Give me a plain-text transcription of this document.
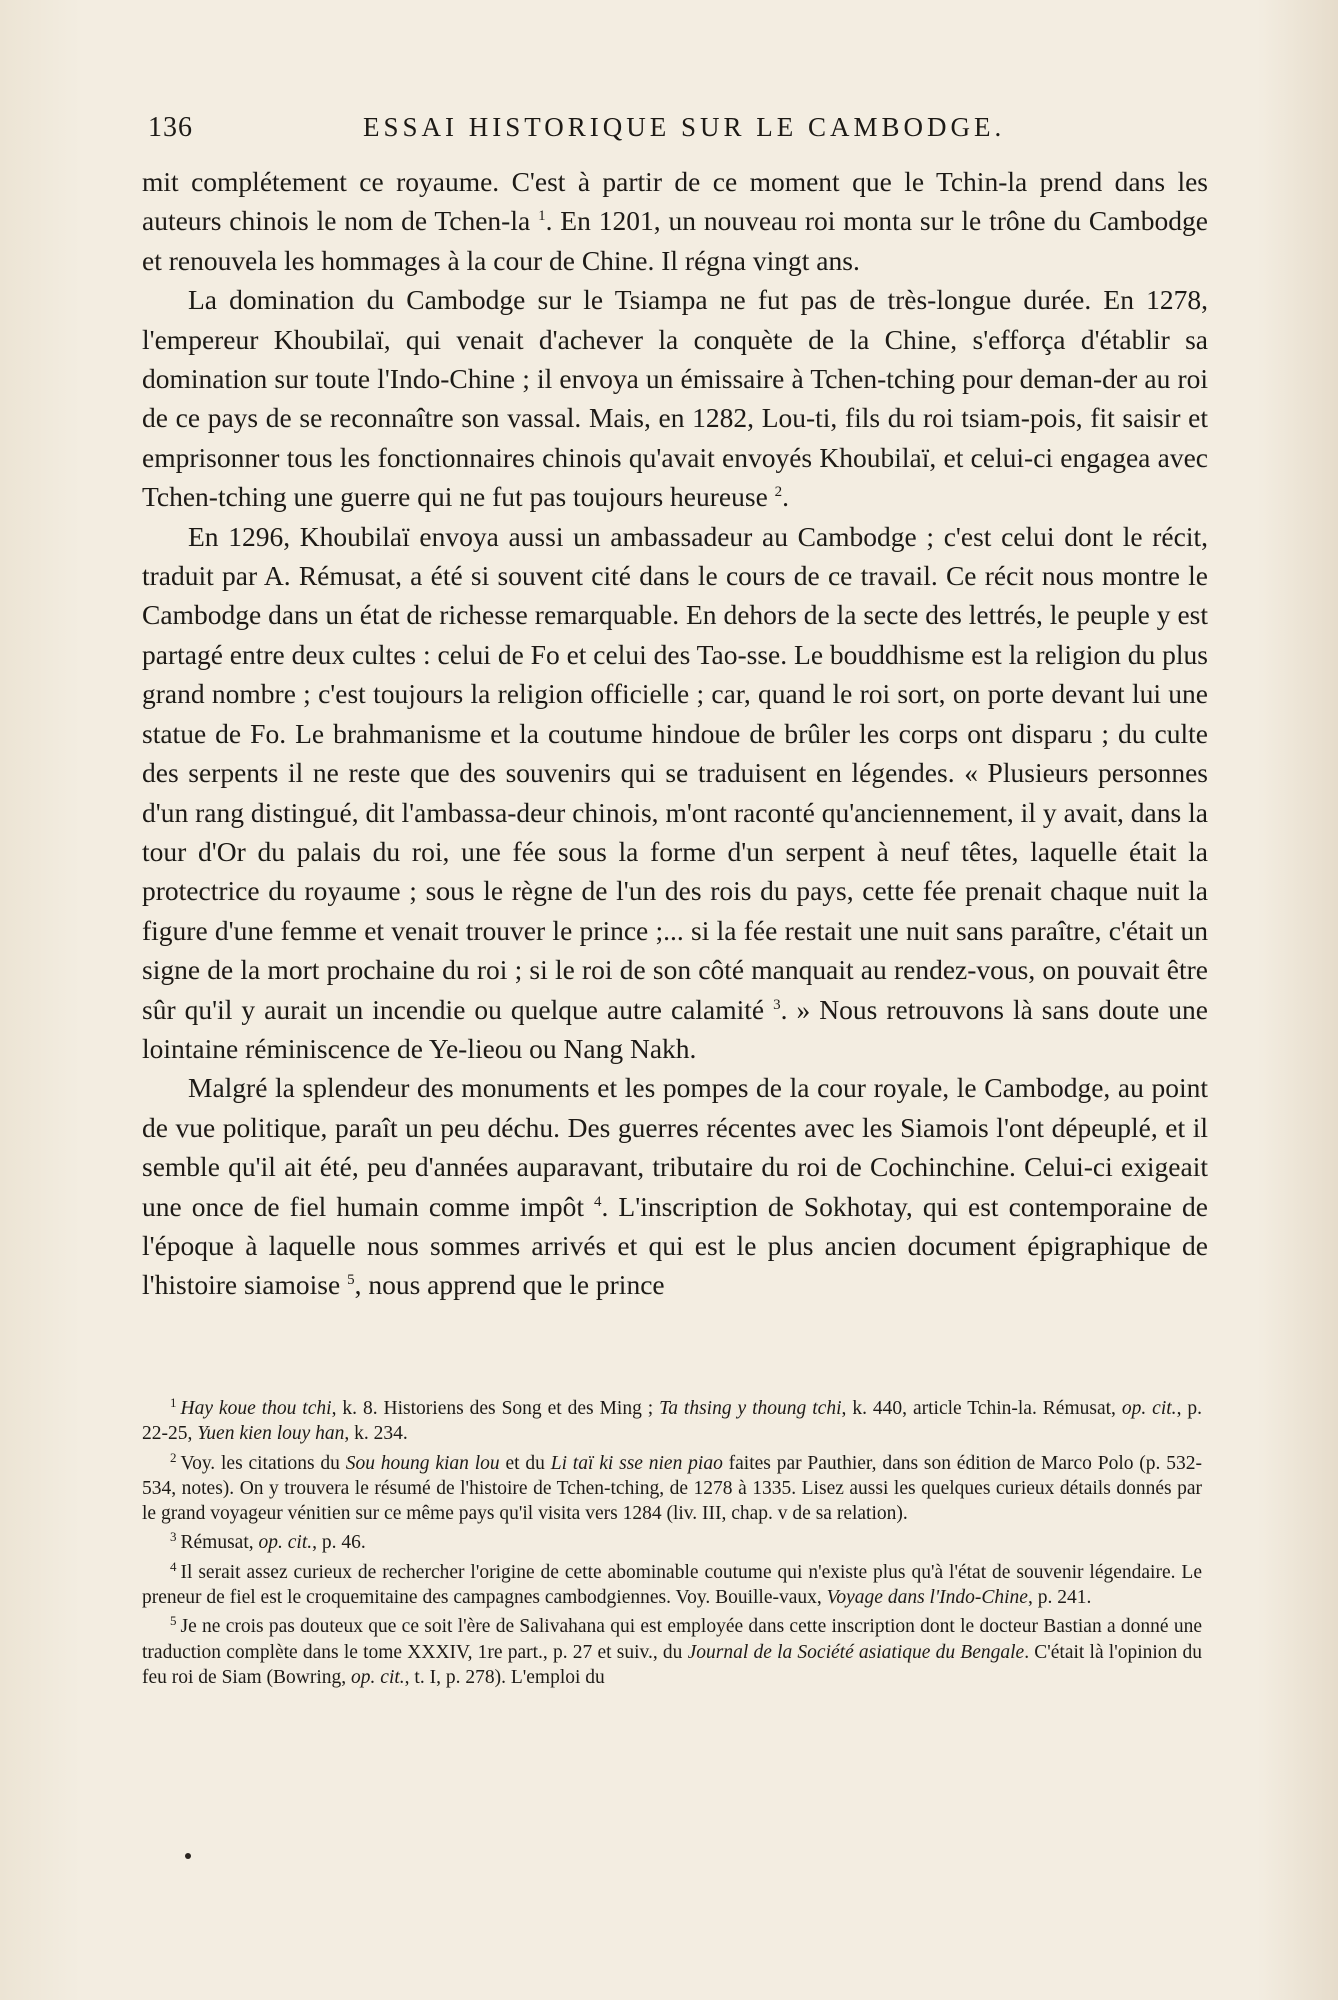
136	ESSAI HISTORIQUE SUR LE CAMBODGE.

mit complétement ce royaume. C'est à partir de ce moment que le Tchin-la prend dans les auteurs chinois le nom de Tchen-la $^1$. En 1201, un nouveau roi monta sur le trône du Cambodge et renouvela les hommages à la cour de Chine. Il régna vingt ans.

La domination du Cambodge sur le Tsiampa ne fut pas de très-longue durée. En 1278, l'empereur Khoubilaï, qui venait d'achever la conquète de la Chine, s'efforça d'établir sa domination sur toute l'Indo-Chine ; il envoya un émissaire à Tchen-tching pour deman-der au roi de ce pays de se reconnaître son vassal. Mais, en 1282, Lou-ti, fils du roi tsiam-pois, fit saisir et emprisonner tous les fonctionnaires chinois qu'avait envoyés Khoubilaï, et celui-ci engagea avec Tchen-tching une guerre qui ne fut pas toujours heureuse $^2$.

En 1296, Khoubilaï envoya aussi un ambassadeur au Cambodge ; c'est celui dont le récit, traduit par A. Rémusat, a été si souvent cité dans le cours de ce travail. Ce récit nous montre le Cambodge dans un état de richesse remarquable. En dehors de la secte des lettrés, le peuple y est partagé entre deux cultes : celui de Fo et celui des Tao-sse. Le bouddhisme est la religion du plus grand nombre ; c'est toujours la religion officielle ; car, quand le roi sort, on porte devant lui une statue de Fo. Le brahmanisme et la coutume hindoue de brûler les corps ont disparu ; du culte des serpents il ne reste que des souvenirs qui se traduisent en légendes. « Plusieurs personnes d'un rang distingué, dit l'ambassa-deur chinois, m'ont raconté qu'anciennement, il y avait, dans la tour d'Or du palais du roi, une fée sous la forme d'un serpent à neuf têtes, laquelle était la protectrice du royaume ; sous le règne de l'un des rois du pays, cette fée prenait chaque nuit la figure d'une femme et venait trouver le prince ;... si la fée restait une nuit sans paraître, c'était un signe de la mort prochaine du roi ; si le roi de son côté manquait au rendez-vous, on pouvait être sûr qu'il y aurait un incendie ou quelque autre calamité $^3$. » Nous retrouvons là sans doute une lointaine réminiscence de Ye-lieou ou Nang Nakh.

Malgré la splendeur des monuments et les pompes de la cour royale, le Cambodge, au point de vue politique, paraît un peu déchu. Des guerres récentes avec les Siamois l'ont dépeuplé, et il semble qu'il ait été, peu d'années auparavant, tributaire du roi de Cochinchine. Celui-ci exigeait une once de fiel humain comme impôt $^4$. L'inscription de Sokhotay, qui est contemporaine de l'époque à laquelle nous sommes arrivés et qui est le plus ancien document épigraphique de l'histoire siamoise $^5$, nous apprend que le prince

$^1$ Hay koue thou tchi, k. 8. Historiens des Song et des Ming ; Ta thsing y thoung tchi, k. 440, article Tchin-la. Rémusat, op. cit., p. 22-25, Yuen kien louy han, k. 234.

$^2$ Voy. les citations du Sou houng kian lou et du Li taï ki sse nien piao faites par Pauthier, dans son édition de Marco Polo (p. 532-534, notes). On y trouvera le résumé de l'histoire de Tchen-tching, de 1278 à 1335. Lisez aussi les quelques curieux détails donnés par le grand voyageur vénitien sur ce même pays qu'il visita vers 1284 (liv. III, chap. v de sa relation).

$^3$ Rémusat, op. cit., p. 46.

$^4$ Il serait assez curieux de rechercher l'origine de cette abominable coutume qui n'existe plus qu'à l'état de souvenir légendaire. Le preneur de fiel est le croquemitaine des campagnes cambodgiennes. Voy. Bouille-vaux, Voyage dans l'Indo-Chine, p. 241.

$^5$ Je ne crois pas douteux que ce soit l'ère de Salivahana qui est employée dans cette inscription dont le docteur Bastian a donné une traduction complète dans le tome XXXIV, 1re part., p. 27 et suiv., du Journal de la Société asiatique du Bengale. C'était là l'opinion du feu roi de Siam (Bowring, op. cit., t. I, p. 278). L'emploi du
